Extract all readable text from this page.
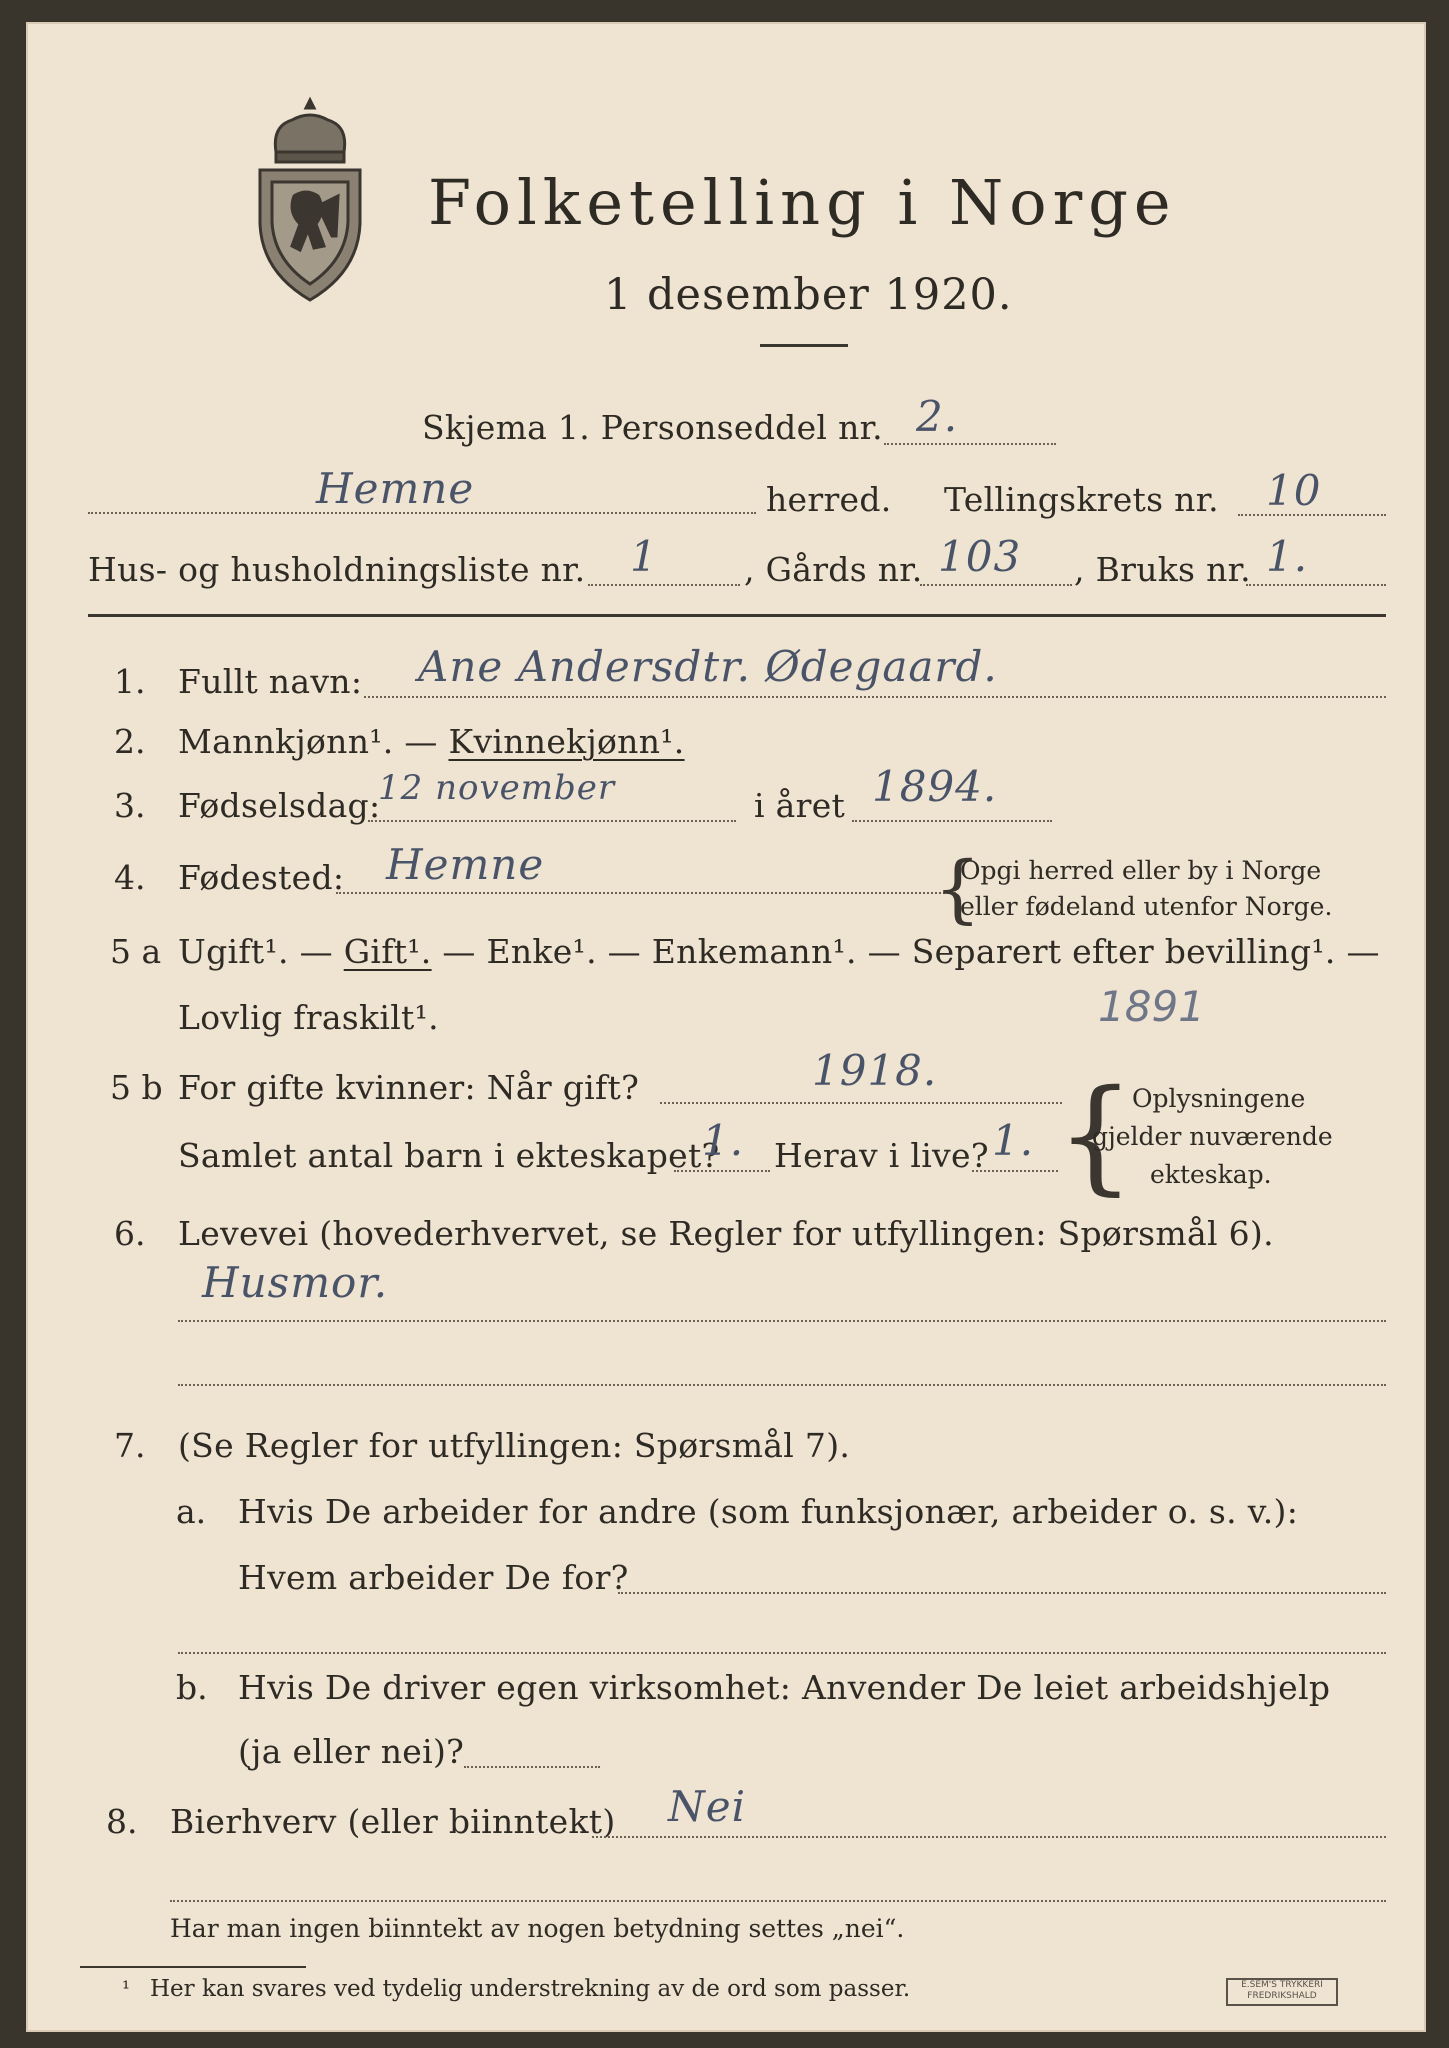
Folketelling i Norge
1 desember 1920.
Skjema 1. Personseddel nr. 2.
Hemne	herred. Tellingskrets nr. 10
Hus- og husholdningsliste nr. 1	, Gårds nr. 103 , Bruks nr. 1.
1. Fullt navn: Ane Andersdtr. Ødegaard.
2. Mannkjønn¹. — Kvinnekjønn¹.
3. Fødselsdag:
12 november	i året 1894.
4. Fødested: Hemne	{
Opgi herred eller by i Norge
eller fødeland utenfor Norge.
5 a Ugift¹. — Gift¹. — Enke¹. — Enkemann¹. — Separert efter bevilling¹. —
Lovlig fraskilt¹.	1891
5 b For gifte kvinner: Når gift?	1918.
Samlet antal barn i ekteskapet?
1. Herav i live? 1. {
Oplysningene
gjelder nuværende
ekteskap.
6. Levevei (hovederhvervet, se Regler for utfyllingen: Spørsmål 6).
Husmor.
7. (Se Regler for utfyllingen: Spørsmål 7).
a. Hvis De arbeider for andre (som funksjonær, arbeider o. s. v.):
Hvem arbeider De for?
b. Hvis De driver egen virksomhet: Anvender De leiet arbeidshjelp
(ja eller nei)?
8. Bierhverv (eller biinntekt) Nei
Har man ingen biinntekt av nogen betydning settes „nei“.
¹ Her kan svares ved tydelig understrekning av de ord som passer.	E.SEM'S TRYKKERI
FREDRIKSHALD
